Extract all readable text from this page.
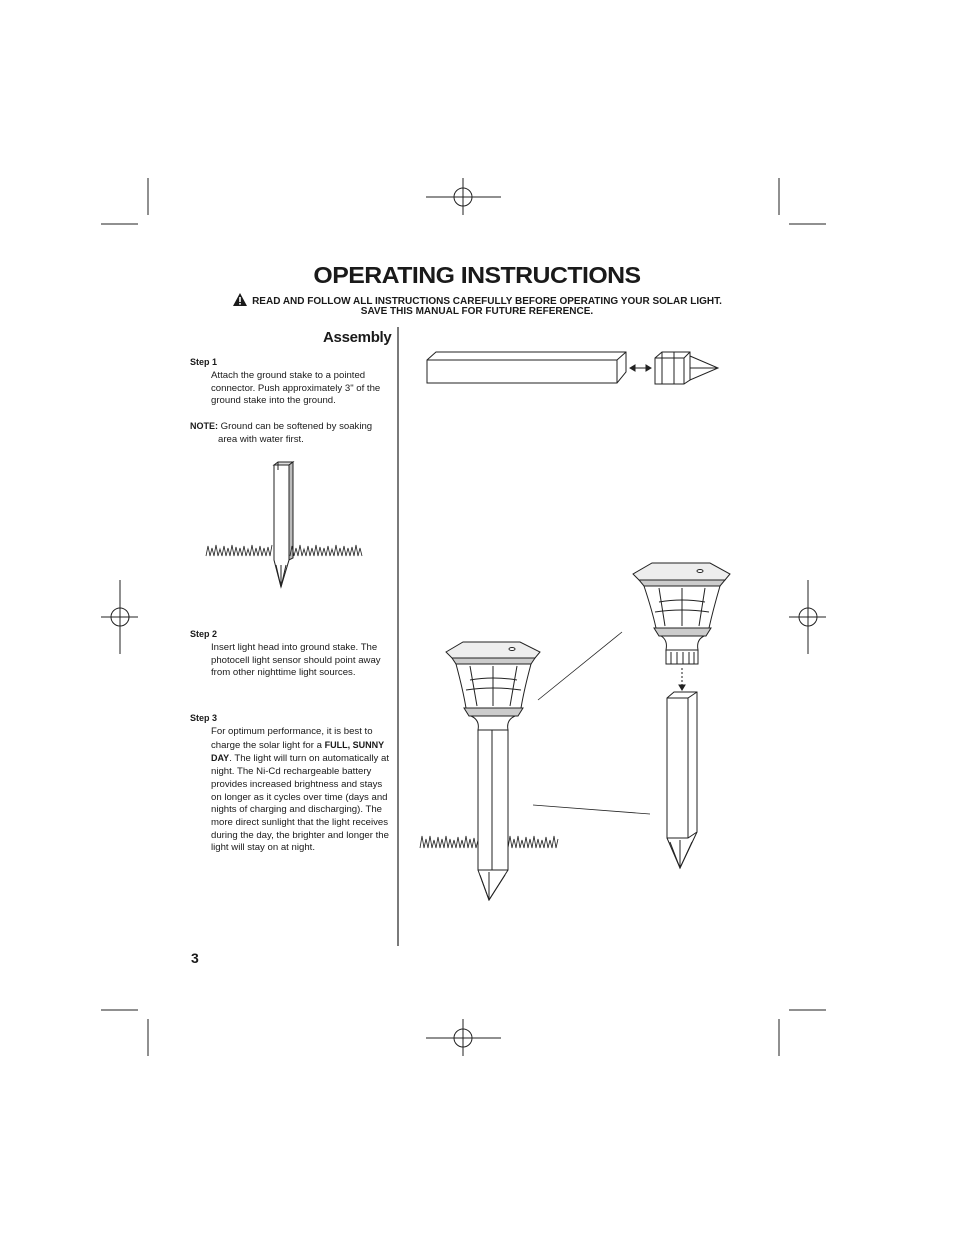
OPERATING INSTRUCTIONS
READ AND FOLLOW ALL INSTRUCTIONS CAREFULLY BEFORE OPERATING YOUR SOLAR LIGHT.
SAVE THIS MANUAL FOR FUTURE REFERENCE.
Assembly
Step 1
Attach the ground stake to a pointed connector. Push approximately 3" of the ground stake into the ground.
NOTE: Ground can be softened by soaking
area with water first.
Step 2
Insert light head into ground stake. The photocell light sensor should point away from other nighttime light sources.
Step 3
For optimum performance, it is best to charge the solar light for a FULL, SUNNY DAY. The light will turn on automatically at night. The Ni-Cd rechargeable battery provides increased brightness and stays on longer as it cycles over time (days and nights of charging and discharging). The more direct sunlight that the light receives during the day, the brighter and longer the light will stay on at night.
3
